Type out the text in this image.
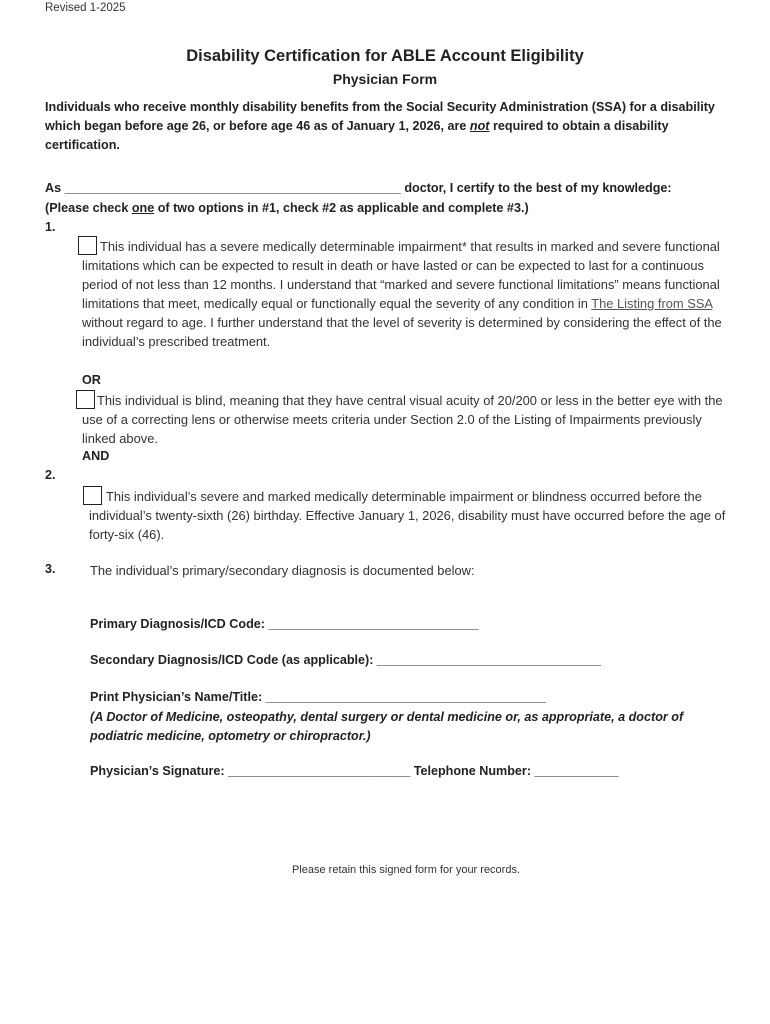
Revised 1-2025

Disability Certification for ABLE Account Eligibility
Physician Form

Individuals who receive monthly disability benefits from the Social Security Administration (SSA) for a disability which began before age 26, or before age 46 as of January 1, 2026, are not required to obtain a disability certification.

As ________________________________________________ doctor, I certify to the best of my knowledge:

(Please check one of two options in #1, check #2 as applicable and complete #3.)

1.

This individual has a severe medically determinable impairment* that results in marked and severe functional limitations which can be expected to result in death or have lasted or can be expected to last for a continuous period of not less than 12 months. I understand that “marked and severe functional limitations” means functional limitations that meet, medically equal or functionally equal the severity of any condition in The Listing from SSA without regard to age. I further understand that the level of severity is determined by considering the effect of the individual’s prescribed treatment.

OR

This individual is blind, meaning that they have central visual acuity of 20/200 or less in the better eye with the use of a correcting lens or otherwise meets criteria under Section 2.0 of the Listing of Impairments previously linked above.

AND

2.

This individual’s severe and marked medically determinable impairment or blindness occurred before the individual’s twenty-sixth (26) birthday. Effective January 1, 2026, disability must have occurred before the age of forty-six (46).

3.	The individual’s primary/secondary diagnosis is documented below:

Primary Diagnosis/ICD Code: ______________________________

Secondary Diagnosis/ICD Code (as applicable): ________________________________

Print Physician’s Name/Title: ________________________________________

(A Doctor of Medicine, osteopathy, dental surgery or dental medicine or, as appropriate, a doctor of podiatric medicine, optometry or chiropractor.)

Physician’s Signature: __________________________ Telephone Number: ____________

Please retain this signed form for your records.
